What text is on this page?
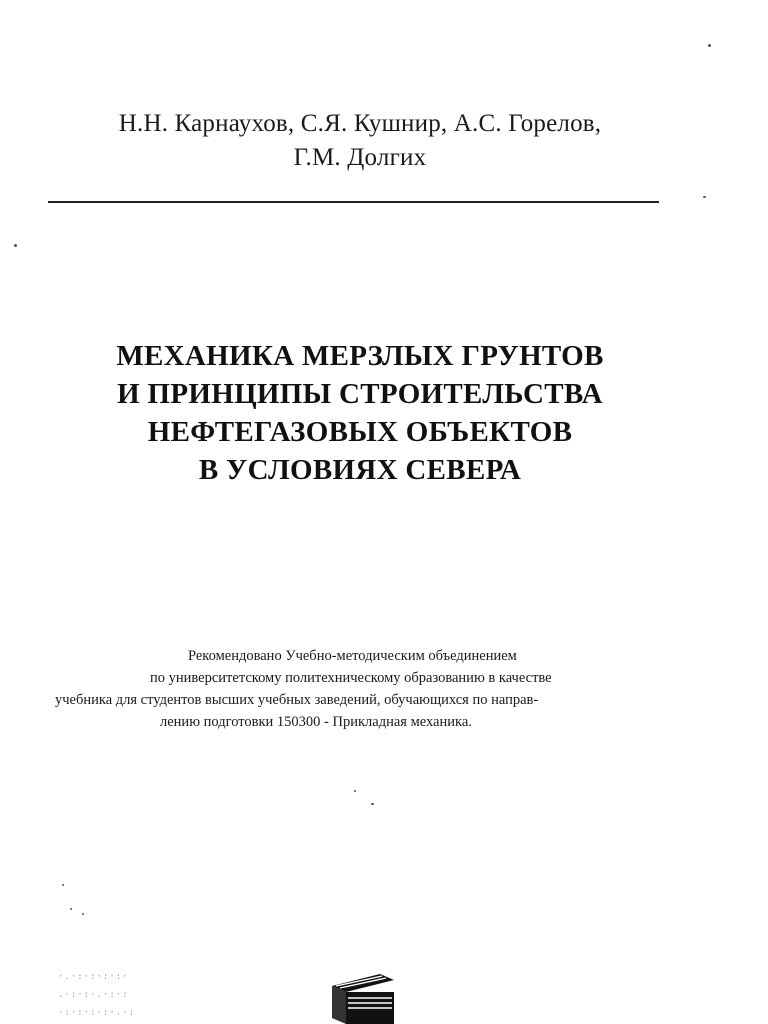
Н.Н. Карнаухов, С.Я. Кушнир, А.С. Горелов,
Г.М. Долгих
МЕХАНИКА МЕРЗЛЫХ ГРУНТОВ
И ПРИНЦИПЫ СТРОИТЕЛЬСТВА
НЕФТЕГАЗОВЫХ ОБЪЕКТОВ
В УСЛОВИЯХ СЕВЕРА
Рекомендовано Учебно-методическим объединением
по университетскому политехническому образованию в качестве
учебника для студентов высших учебных заведений, обучающихся по направ-
лению подготовки 150300 - Прикладная механика.
·.·:·:·:·:·
.·:·:·.·:·:
·:·:·:·:·.·:
